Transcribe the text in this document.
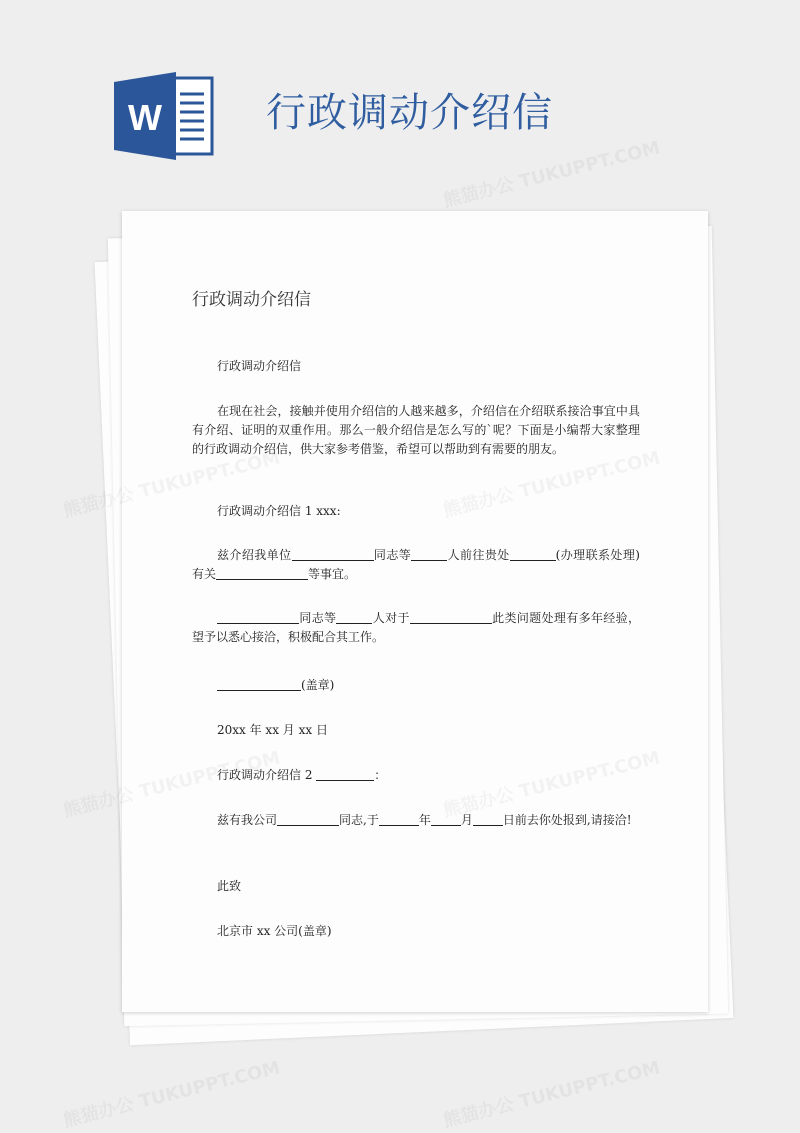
W	行政调动介绍信
行政调动介绍信
行政调动介绍信
在现在社会，接触并使用介绍信的人越来越多，介绍信在介绍联系接洽事宜中具有介绍、证明的双重作用。那么一般介绍信是怎么写的`呢？下面是小编帮大家整理的行政调动介绍信，供大家参考借鉴，希望可以帮助到有需要的朋友。
行政调动介绍信 1 xxx:
兹介绍我单位	同志等	人前往贵处	(办理联系处理)有关	等事宜。
同志等	人对于	此类问题处理有多年经验，望予以悉心接洽，积极配合其工作。
(盖章)
20xx 年 xx 月 xx 日
行政调动介绍信 2	：
兹有我公司	同志,于	年	月	日前去你处报到,请接洽!
此致
北京市 xx 公司(盖章)
